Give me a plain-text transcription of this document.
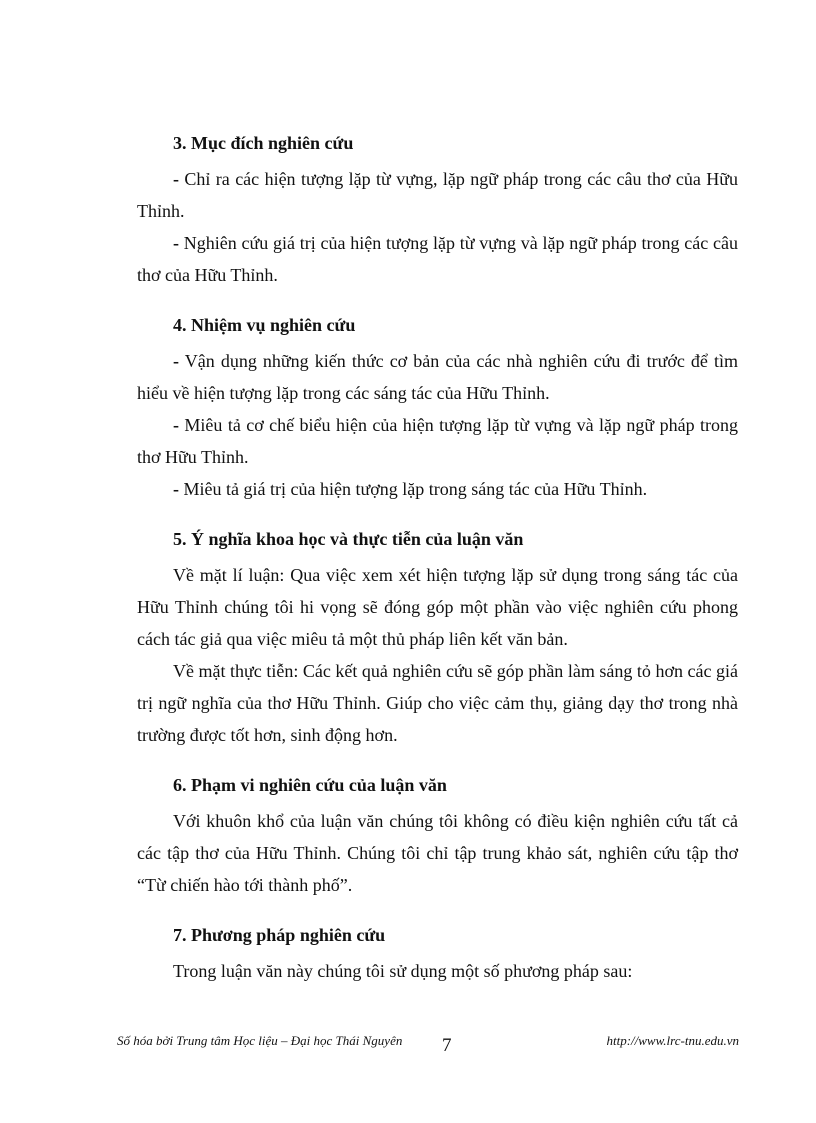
3. Mục đích nghiên cứu

- Chỉ ra các hiện tượng lặp từ vựng, lặp ngữ pháp trong các câu thơ của Hữu Thỉnh.

- Nghiên cứu giá trị của hiện tượng lặp từ vựng và lặp ngữ pháp trong các câu thơ của Hữu Thỉnh.

4. Nhiệm vụ nghiên cứu

- Vận dụng những kiến thức cơ bản của các nhà nghiên cứu đi trước để tìm hiểu về hiện tượng lặp trong các sáng tác của Hữu Thỉnh.

- Miêu tả cơ chế biểu hiện của hiện tượng lặp từ vựng và lặp ngữ pháp trong thơ Hữu Thỉnh.

- Miêu tả giá trị của hiện tượng lặp trong sáng tác của Hữu Thỉnh.

5. Ý nghĩa khoa học và thực tiễn của luận văn

Về mặt lí luận: Qua việc xem xét hiện tượng lặp sử dụng trong sáng tác của Hữu Thỉnh chúng tôi hi vọng sẽ đóng góp một phần vào việc nghiên cứu phong cách tác giả qua việc miêu tả một thủ pháp liên kết văn bản.

Về mặt thực tiễn: Các kết quả nghiên cứu sẽ góp phần làm sáng tỏ hơn các giá trị ngữ nghĩa của thơ Hữu Thỉnh. Giúp cho việc cảm thụ, giảng dạy thơ trong nhà trường được tốt hơn, sinh động hơn.

6. Phạm vi nghiên cứu của luận văn

Với khuôn khổ của luận văn chúng tôi không có điều kiện nghiên cứu tất cả các tập thơ của Hữu Thỉnh. Chúng tôi chỉ tập trung khảo sát, nghiên cứu tập thơ “Từ chiến hào tới thành phố”.

7. Phương pháp nghiên cứu

Trong luận văn này chúng tôi sử dụng một số phương pháp sau:

Số hóa bởi Trung tâm Học liệu – Đại học Thái Nguyên 7	http://www.lrc-tnu.edu.vn
